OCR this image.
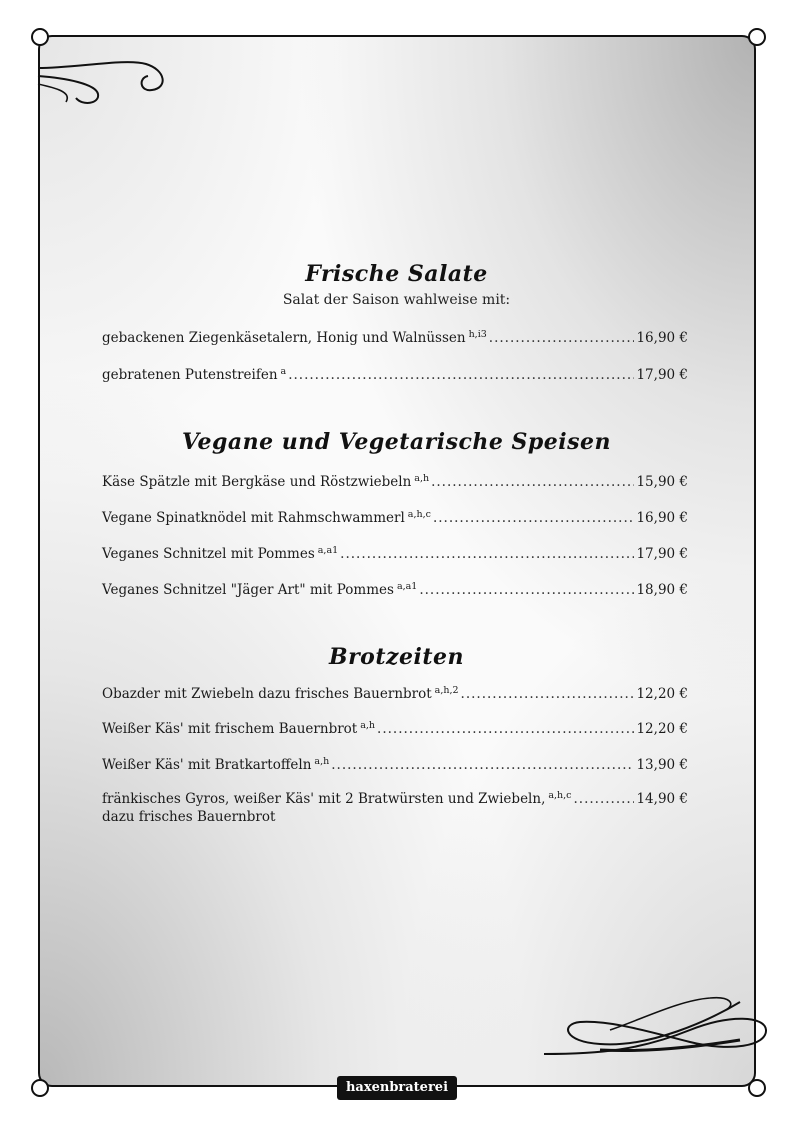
Frische Salate
Salat der Saison wahlweise mit:
gebackenen Ziegenkäsetalern, Honig und Walnüssen h,i3 .....	16,90 €
gebratenen Putenstreifen a .....	17,90 €
Vegane und Vegetarische Speisen
Käse Spätzle mit Bergkäse und Röstzwiebeln a,h .....	15,90 €
Vegane Spinatknödel mit Rahmschwammerl a,h,c .....	16,90 €
Veganes Schnitzel mit Pommes a,a1 .....	17,90 €
Veganes Schnitzel "Jäger Art" mit Pommes a,a1 .....	18,90 €
Brotzeiten
Obazder mit Zwiebeln dazu frisches Bauernbrot a,h,2 .....	12,20 €
Weißer Käs' mit frischem Bauernbrot a,h .....	12,20 €
Weißer Käs' mit Bratkartoffeln a,h .....	13,90 €
fränkisches Gyros, weißer Käs' mit 2 Bratwürsten und Zwiebeln, a,h,c .....	14,90 €
dazu frisches Bauernbrot
haxenbraterei
